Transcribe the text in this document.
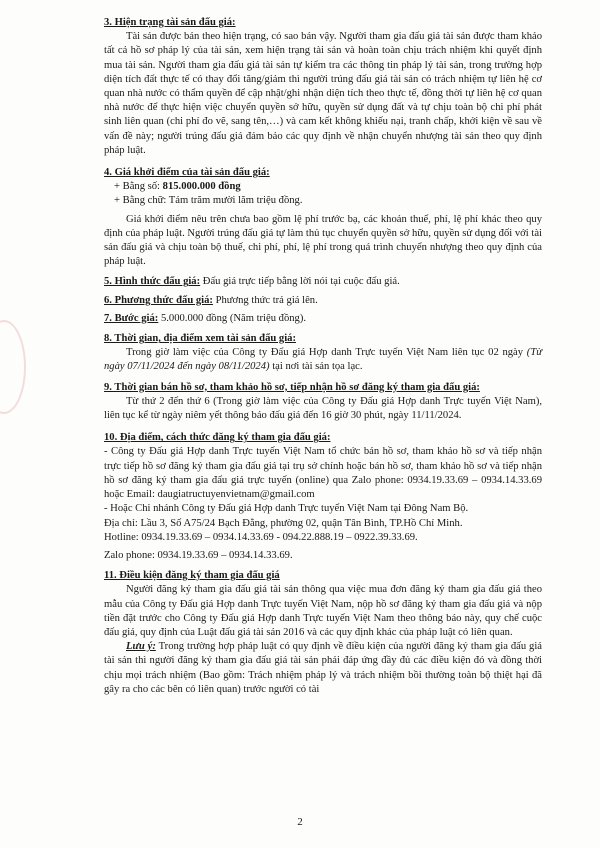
3. Hiện trạng tài sản đấu giá:

Tài sản được bán theo hiện trạng, có sao bán vậy. Người tham gia đấu giá tài sản được tham khảo tất cả hồ sơ pháp lý của tài sản, xem hiện trạng tài sản và hoàn toàn chịu trách nhiệm khi quyết định mua tài sản. Người tham gia đấu giá tài sản tự kiểm tra các thông tin pháp lý tài sản, trong trường hợp diện tích đất thực tế có thay đổi tăng/giảm thì người trúng đấu giá tài sản có trách nhiệm tự liên hệ cơ quan nhà nước có thẩm quyền để cập nhật/ghi nhận diện tích theo thực tế, đồng thời tự liên hệ cơ quan nhà nước để thực hiện việc chuyển quyền sở hữu, quyền sử dụng đất và tự chịu toàn bộ chi phí phát sinh liên quan (chi phí đo vẽ, sang tên,…) và cam kết không khiếu nại, tranh chấp, khởi kiện về sau về vấn đề này; người trúng đấu giá đảm bảo các quy định về nhận chuyển nhượng tài sản theo quy định pháp luật.

4. Giá khởi điểm của tài sản đấu giá:

+ Bằng số: 815.000.000 đồng

+ Bằng chữ: Tám trăm mười lăm triệu đồng.

Giá khởi điểm nêu trên chưa bao gồm lệ phí trước bạ, các khoản thuế, phí, lệ phí khác theo quy định của pháp luật. Người trúng đấu giá tự làm thủ tục chuyển quyền sở hữu, quyền sử dụng đối với tài sản đấu giá và chịu toàn bộ thuế, chi phí, phí, lệ phí trong quá trình chuyển nhượng theo quy định của pháp luật.

5. Hình thức đấu giá: Đấu giá trực tiếp bằng lời nói tại cuộc đấu giá.

6. Phương thức đấu giá: Phương thức trả giá lên.

7. Bước giá: 5.000.000 đồng (Năm triệu đồng).

8. Thời gian, địa điểm xem tài sản đấu giá:

Trong giờ làm việc của Công ty Đấu giá Hợp danh Trực tuyến Việt Nam liên tục 02 ngày (Từ ngày 07/11/2024 đến ngày 08/11/2024) tại nơi tài sản tọa lạc.

9. Thời gian bán hồ sơ, tham khảo hồ sơ, tiếp nhận hồ sơ đăng ký tham gia đấu giá:

Từ thứ 2 đến thứ 6 (Trong giờ làm việc của Công ty Đấu giá Hợp danh Trực tuyến Việt Nam), liên tục kể từ ngày niêm yết thông báo đấu giá đến 16 giờ 30 phút, ngày 11/11/2024.

10. Địa điểm, cách thức đăng ký tham gia đấu giá:

- Công ty Đấu giá Hợp danh Trực tuyến Việt Nam tổ chức bán hồ sơ, tham khảo hồ sơ và tiếp nhận trực tiếp hồ sơ đăng ký tham gia đấu giá tại trụ sở chính hoặc bán hồ sơ, tham khảo hồ sơ và tiếp nhận hồ sơ đăng ký tham gia đấu giá trực tuyến (online) qua Zalo phone: 0934.19.33.69 – 0934.14.33.69 hoặc Email: daugiatructuyenvietnam@gmail.com

- Hoặc Chi nhánh Công ty Đấu giá Hợp danh Trực tuyến Việt Nam tại Đông Nam Bộ.

Địa chỉ: Lầu 3, Số A75/24 Bạch Đằng, phường 02, quận Tân Bình, TP.Hồ Chí Minh.

Hotline: 0934.19.33.69 – 0934.14.33.69 - 094.22.888.19 – 0922.39.33.69.

Zalo phone: 0934.19.33.69 – 0934.14.33.69.

11. Điều kiện đăng ký tham gia đấu giá

Người đăng ký tham gia đấu giá tài sản thông qua việc mua đơn đăng ký tham gia đấu giá theo mẫu của Công ty Đấu giá Hợp danh Trực tuyến Việt Nam, nộp hồ sơ đăng ký tham gia đấu giá và nộp tiền đặt trước cho Công ty Đấu giá Hợp danh Trực tuyến Việt Nam theo thông báo này, quy chế cuộc đấu giá, quy định của Luật đấu giá tài sản 2016 và các quy định khác của pháp luật có liên quan.

Lưu ý: Trong trường hợp pháp luật có quy định về điều kiện của người đăng ký tham gia đấu giá tài sản thì người đăng ký tham gia đấu giá tài sản phải đáp ứng đầy đủ các điều kiện đó và đồng thời chịu mọi trách nhiệm (Bao gồm: Trách nhiệm pháp lý và trách nhiệm bồi thường toàn bộ thiệt hại đã gây ra cho các bên có liên quan) trước người có tài

2
